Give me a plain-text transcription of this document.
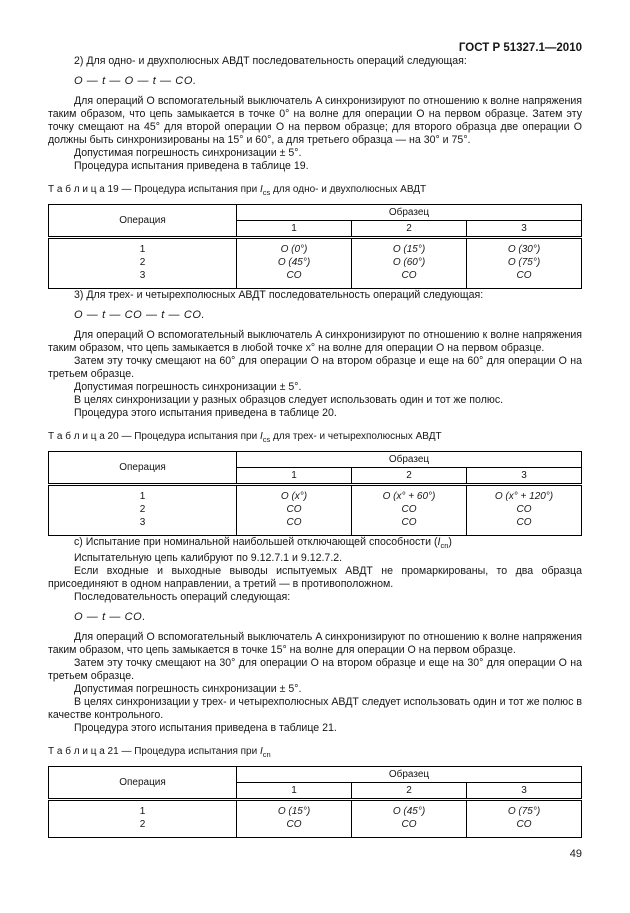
ГОСТ Р 51327.1—2010

2) Для одно- и двухполюсных АВДТ последовательность операций следующая:

O — t — O — t — CO.

Для операций O вспомогательный выключатель A синхронизируют по отношению к волне напряжения таким образом, что цепь замыкается в точке 0° на волне для операции O на первом образце. Затем эту точку смещают на 45° для второй операции O на первом образце; для второго образца две операции O должны быть синхронизированы на 15° и 60°, а для третьего образца — на 30° и 75°.

Допустимая погрешность синхронизации ± 5°.

Процедура испытания приведена в таблице 19.

Т а б л и ц а 19 — Процедура испытания при $I_{cs}$ для одно- и двухполюсных АВДТ
Операция	Образец		
	1	2	3
1	O (0°)	O (15°)	O (30°)
2	O (45°)	O (60°)	O (75°)
3	CO	CO	CO

3) Для трех- и четырехполюсных АВДТ последовательность операций следующая:

O — t — CO — t — CO.

Для операций O вспомогательный выключатель A синхронизируют по отношению к волне напряжения таким образом, что цепь замыкается в любой точке x° на волне для операции O на первом образце.

Затем эту точку смещают на 60° для операции O на втором образце и еще на 60° для операции O на третьем образце.

Допустимая погрешность синхронизации ± 5°.

В целях синхронизации у разных образцов следует использовать один и тот же полюс.

Процедура этого испытания приведена в таблице 20.

Т а б л и ц а 20 — Процедура испытания при $I_{cs}$ для трех- и четырехполюсных АВДТ
Операция	Образец		
	1	2	3
1	O (x°)	O (x° + 60°)	O (x° + 120°)
2	CO	CO	CO
3	CO	CO	CO

с) Испытание при номинальной наибольшей отключающей способности $(I_{cn})$

Испытательную цепь калибруют по 9.12.7.1 и 9.12.7.2.

Если входные и выходные выводы испытуемых АВДТ не промаркированы, то два образца присоединяют в одном направлении, а третий — в противоположном.

Последовательность операций следующая:

O — t — CO.

Для операций O вспомогательный выключатель A синхронизируют по отношению к волне напряжения таким образом, что цепь замыкается в точке 15° на волне для операции O на первом образце.

Затем эту точку смещают на 30° для операции O на втором образце и еще на 30° для операции O на третьем образце.

Допустимая погрешность синхронизации ± 5°.

В целях синхронизации у трех- и четырехполюсных АВДТ следует использовать один и тот же полюс в качестве контрольного.

Процедура этого испытания приведена в таблице 21.

Т а б л и ц а 21 — Процедура испытания при $I_{cn}$
Операция	Образец		
	1	2	3
1	O (15°)	O (45°)	O (75°)
2	CO	CO	CO
49
